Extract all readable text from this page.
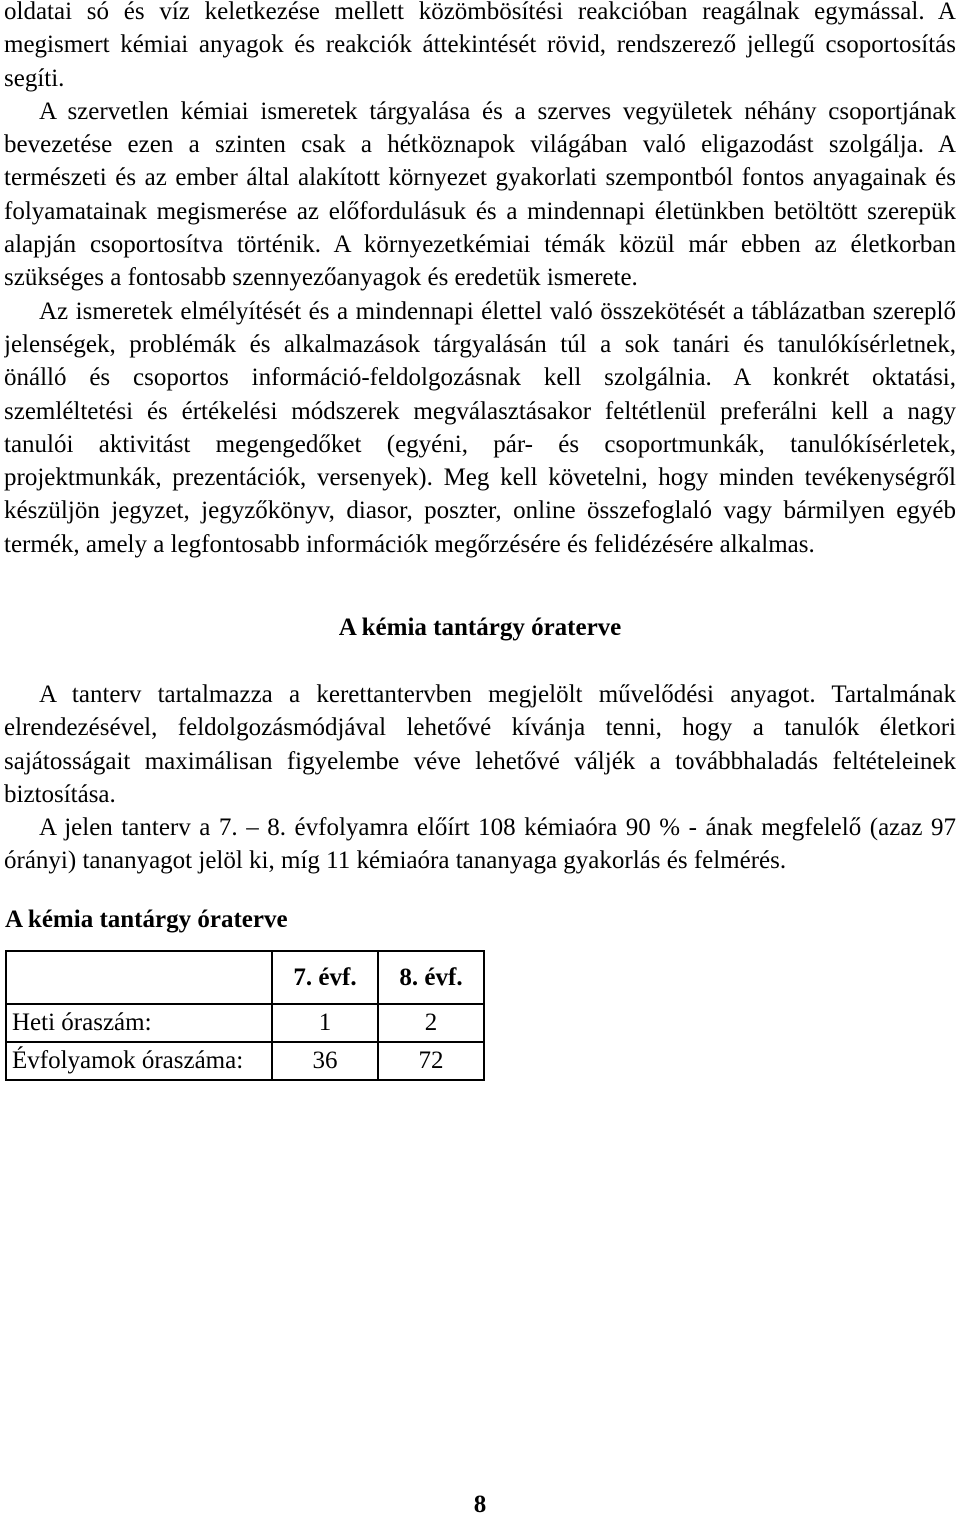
oldatai só és víz keletkezése mellett közömbösítési reakcióban reagálnak egymással. A
megismert kémiai anyagok és reakciók áttekintését rövid, rendszerező jellegű csoportosítás
segíti.
A szervetlen kémiai ismeretek tárgyalása és a szerves vegyületek néhány csoportjának
bevezetése ezen a szinten csak a hétköznapok világában való eligazodást szolgálja. A
természeti és az ember által alakított környezet gyakorlati szempontból fontos anyagainak és
folyamatainak megismerése az előfordulásuk és a mindennapi életünkben betöltött szerepük
alapján csoportosítva történik. A környezetkémiai témák közül már ebben az életkorban
szükséges a fontosabb szennyezőanyagok és eredetük ismerete.
Az ismeretek elmélyítését és a mindennapi élettel való összekötését a táblázatban szereplő
jelenségek, problémák és alkalmazások tárgyalásán túl a sok tanári és tanulókísérletnek,
önálló és csoportos információ-feldolgozásnak kell szolgálnia. A konkrét oktatási,
szemléltetési és értékelési módszerek megválasztásakor feltétlenül preferálni kell a nagy
tanulói aktivitást megengedőket (egyéni, pár- és csoportmunkák, tanulókísérletek,
projektmunkák, prezentációk, versenyek). Meg kell követelni, hogy minden tevékenységről
készüljön jegyzet, jegyzőkönyv, diasor, poszter, online összefoglaló vagy bármilyen egyéb
termék, amely a legfontosabb információk megőrzésére és felidézésére alkalmas.
A kémia tantárgy óraterve
A tanterv tartalmazza a kerettantervben megjelölt művelődési anyagot. Tartalmának
elrendezésével, feldolgozásmódjával lehetővé kívánja tenni, hogy a tanulók életkori
sajátosságait maximálisan figyelembe véve lehetővé váljék a továbbhaladás feltételeinek
biztosítása.
A jelen tanterv a 7. – 8. évfolyamra előírt 108 kémiaóra 90 % - ának megfelelő (azaz 97
órányi) tananyagot jelöl ki, míg 11 kémiaóra tananyaga gyakorlás és felmérés.
A kémia tantárgy óraterve
	7. évf.	8. évf.
Heti óraszám:	1	2
Évfolyamok óraszáma:	36	72
8
